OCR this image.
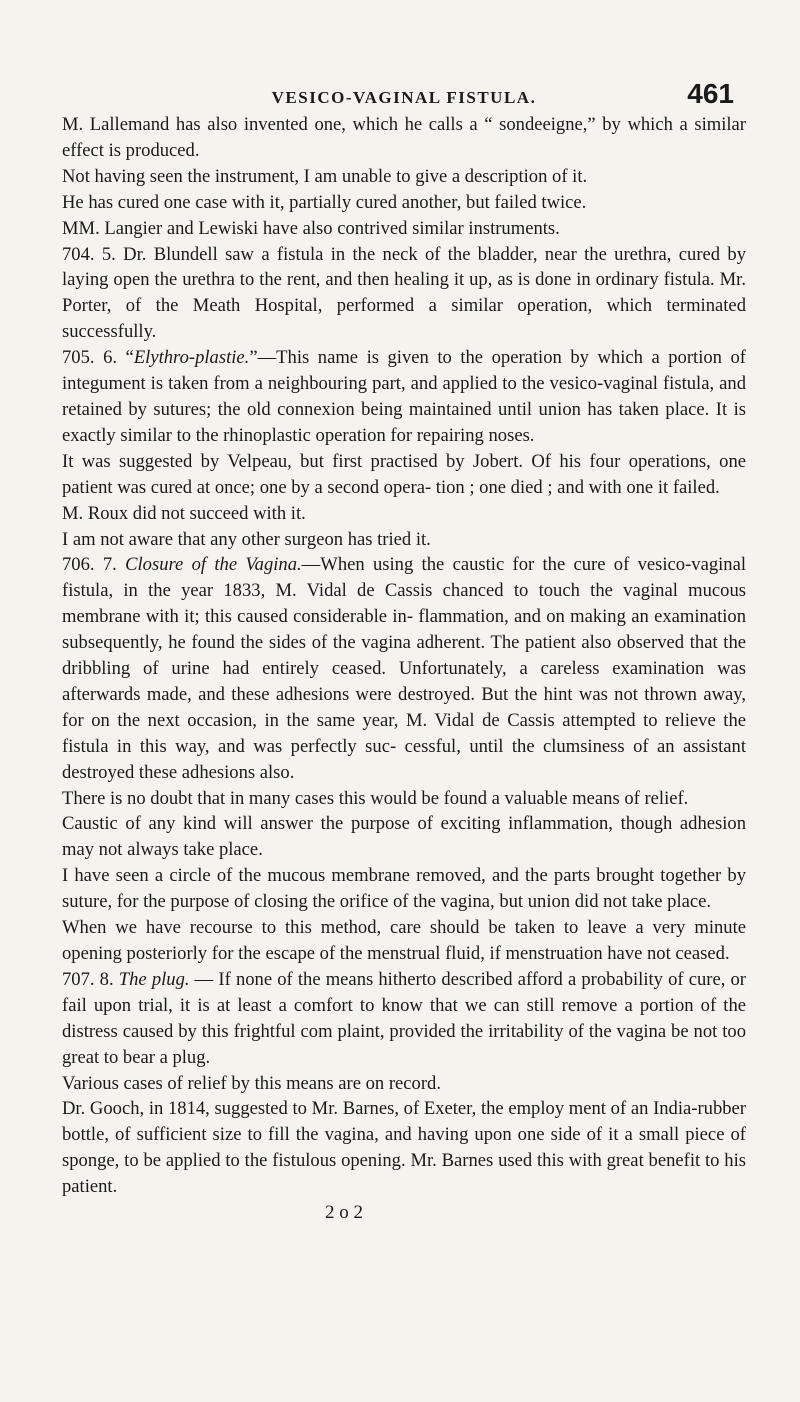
VESICO-VAGINAL FISTULA.	461

M. Lallemand has also invented one, which he calls a “ sondeeigne,” by which a similar effect is produced.

Not having seen the instrument, I am unable to give a description of it.

He has cured one case with it, partially cured another, but failed twice.

MM. Langier and Lewiski have also contrived similar instruments.

704. 5. Dr. Blundell saw a fistula in the neck of the bladder, near the urethra, cured by laying open the urethra to the rent, and then healing it up, as is done in ordinary fistula. Mr. Porter, of the Meath Hospital, performed a similar operation, which terminated successfully.

705. 6. “Elythro-plastie.”—This name is given to the operation by which a portion of integument is taken from a neighbouring part, and applied to the vesico-vaginal fistula, and retained by sutures; the old connexion being maintained until union has taken place. It is exactly similar to the rhinoplastic operation for repairing noses.

It was suggested by Velpeau, but first practised by Jobert. Of his four operations, one patient was cured at once; one by a second opera- tion ; one died ; and with one it failed.

M. Roux did not succeed with it.

I am not aware that any other surgeon has tried it.

706. 7. Closure of the Vagina.—When using the caustic for the cure of vesico-vaginal fistula, in the year 1833, M. Vidal de Cassis chanced to touch the vaginal mucous membrane with it; this caused considerable in- flammation, and on making an examination subsequently, he found the sides of the vagina adherent. The patient also observed that the dribbling of urine had entirely ceased. Unfortunately, a careless examination was afterwards made, and these adhesions were destroyed. But the hint was not thrown away, for on the next occasion, in the same year, M. Vidal de Cassis attempted to relieve the fistula in this way, and was perfectly suc- cessful, until the clumsiness of an assistant destroyed these adhesions also.

There is no doubt that in many cases this would be found a valuable means of relief.

Caustic of any kind will answer the purpose of exciting inflammation, though adhesion may not always take place.

I have seen a circle of the mucous membrane removed, and the parts brought together by suture, for the purpose of closing the orifice of the vagina, but union did not take place.

When we have recourse to this method, care should be taken to leave a very minute opening posteriorly for the escape of the menstrual fluid, if menstruation have not ceased.

707. 8. The plug. — If none of the means hitherto described afford a probability of cure, or fail upon trial, it is at least a comfort to know that we can still remove a portion of the distress caused by this frightful com plaint, provided the irritability of the vagina be not too great to bear a plug.

Various cases of relief by this means are on record.

Dr. Gooch, in 1814, suggested to Mr. Barnes, of Exeter, the employ ment of an India-rubber bottle, of sufficient size to fill the vagina, and having upon one side of it a small piece of sponge, to be applied to the fistulous opening. Mr. Barnes used this with great benefit to his patient.

2 o 2
